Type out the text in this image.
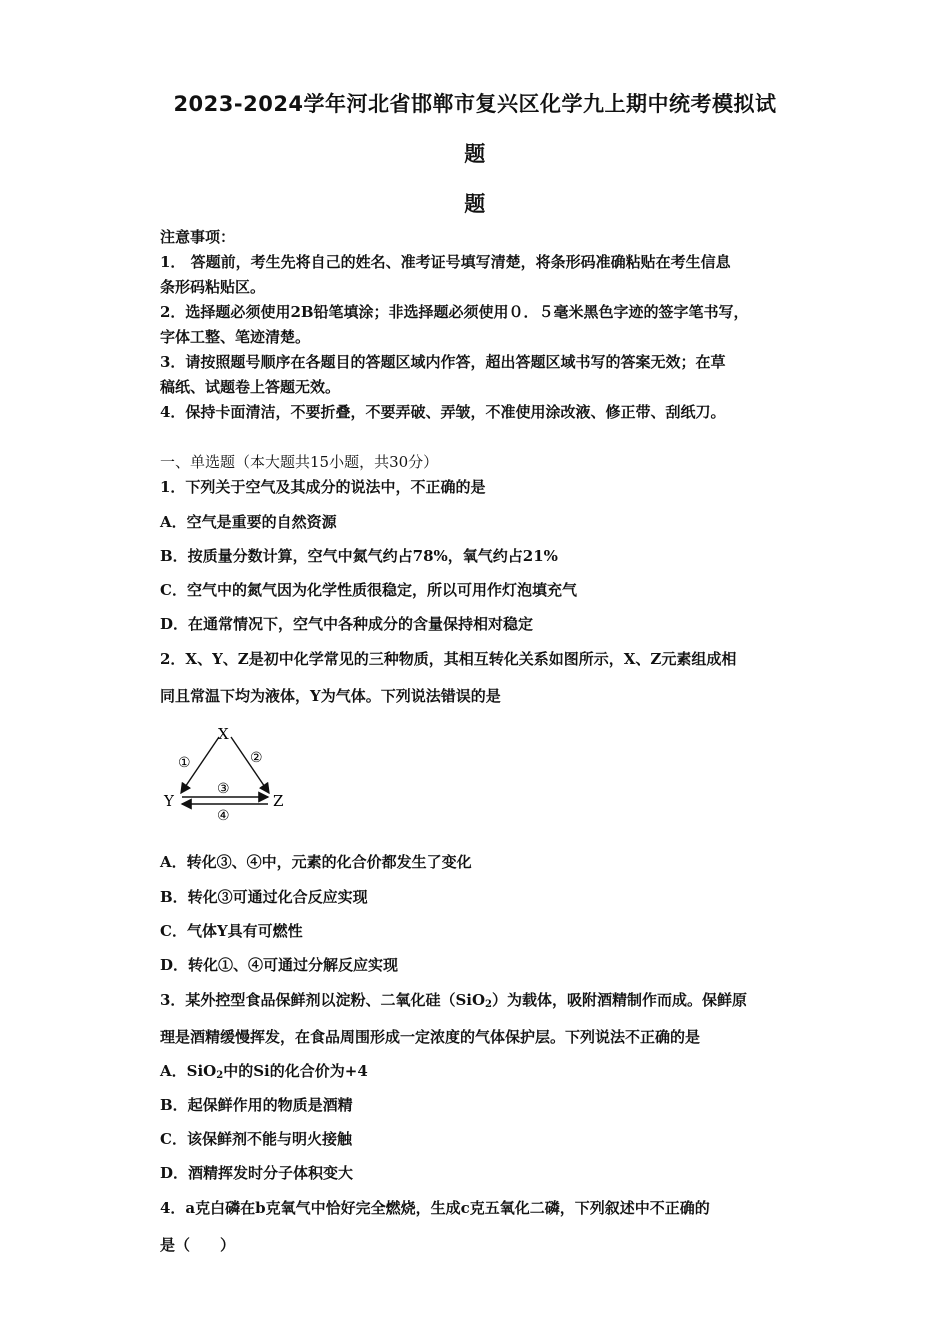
2023-2024学年河北省邯郸市复兴区化学九上期中统考模拟试
题
题
注意事项：
1． 答题前，考生先将自己的姓名、准考证号填写清楚，将条形码准确粘贴在考生信息
条形码粘贴区。
2．选择题必须使用2B铅笔填涂；非选择题必须使用０．５毫米黑色字迹的签字笔书写，
字体工整、笔迹清楚。
3．请按照题号顺序在各题目的答题区域内作答，超出答题区域书写的答案无效；在草
稿纸、试题卷上答题无效。
4．保持卡面清洁，不要折叠，不要弄破、弄皱，不准使用涂改液、修正带、刮纸刀。
一、单选题（本大题共15小题，共30分）
1．下列关于空气及其成分的说法中，不正确的是
A．空气是重要的自然资源
B．按质量分数计算，空气中氮气约占78%，氧气约占21%
C．空气中的氮气因为化学性质很稳定，所以可用作灯泡填充气
D．在通常情况下，空气中各种成分的含量保持相对稳定
2．X、Y、Z是初中化学常见的三种物质，其相互转化关系如图所示，X、Z元素组成相
同且常温下均为液体，Y为气体。下列说法错误的是
X
Y	Z
①	②
③
④
A．转化③、④中，元素的化合价都发生了变化
B．转化③可通过化合反应实现
C．气体Y具有可燃性
D．转化①、④可通过分解反应实现
3．某外控型食品保鲜剂以淀粉、二氧化硅（SiO$_2$）为载体，吸附酒精制作而成。保鲜原
理是酒精缓慢挥发，在食品周围形成一定浓度的气体保护层。下列说法不正确的是
A．SiO$_2$中的Si的化合价为+4
B．起保鲜作用的物质是酒精
C．该保鲜剂不能与明火接触
D．酒精挥发时分子体积变大
4．a克白磷在b克氧气中恰好完全燃烧，生成c克五氧化二磷，下列叙述中不正确的
是（　　）
